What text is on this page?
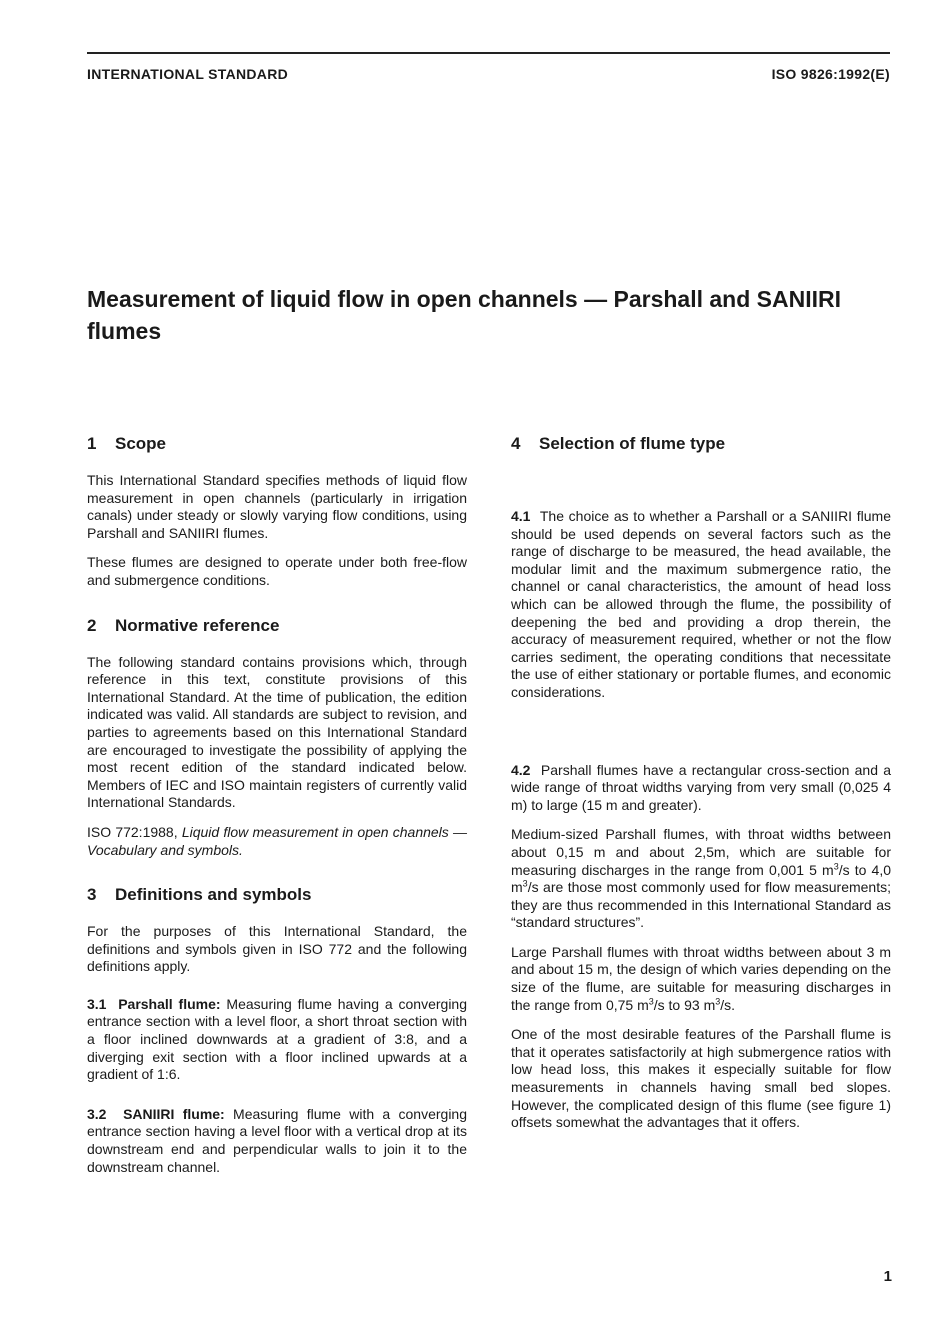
INTERNATIONAL STANDARD	ISO 9826:1992(E)
Measurement of liquid flow in open channels — Parshall and SANIIRI flumes
1 Scope

This International Standard specifies methods of liquid flow measurement in open channels (particularly in irrigation canals) under steady or slowly varying flow conditions, using Parshall and SANIIRI flumes.

These flumes are designed to operate under both free-flow and submergence conditions.

2 Normative reference

The following standard contains provisions which, through reference in this text, constitute provisions of this International Standard. At the time of publication, the edition indicated was valid. All standards are subject to revision, and parties to agreements based on this International Standard are encouraged to investigate the possibility of applying the most recent edition of the standard indicated below. Members of IEC and ISO maintain registers of currently valid International Standards.

ISO 772:1988, Liquid flow measurement in open channels — Vocabulary and symbols.

3 Definitions and symbols

For the purposes of this International Standard, the definitions and symbols given in ISO 772 and the following definitions apply.

3.1 Parshall flume: Measuring flume having a converging entrance section with a level floor, a short throat section with a floor inclined downwards at a gradient of 3:8, and a diverging exit section with a floor inclined upwards at a gradient of 1:6.

3.2 SANIIRI flume: Measuring flume with a converging entrance section having a level floor with a vertical drop at its downstream end and perpendicular walls to join it to the downstream channel.

4 Selection of flume type

4.1 The choice as to whether a Parshall or a SANIIRI flume should be used depends on several factors such as the range of discharge to be measured, the head available, the modular limit and the maximum submergence ratio, the channel or canal characteristics, the amount of head loss which can be allowed through the flume, the possibility of deepening the bed and providing a drop therein, the accuracy of measurement required, whether or not the flow carries sediment, the operating conditions that necessitate the use of either stationary or portable flumes, and economic considerations.

4.2 Parshall flumes have a rectangular cross-section and a wide range of throat widths varying from very small (0,025 4 m) to large (15 m and greater).

Medium-sized Parshall flumes, with throat widths between about 0,15 m and about 2,5m, which are suitable for measuring discharges in the range from 0,001 5 $m^3/s$ to 4,0 $m^3/s$ are those most commonly used for flow measurements; they are thus recommended in this International Standard as “standard structures”.

Large Parshall flumes with throat widths between about 3 m and about 15 m, the design of which varies depending on the size of the flume, are suitable for measuring discharges in the range from 0,75 $m^3/s$ to 93 $m^3/s$.

One of the most desirable features of the Parshall flume is that it operates satisfactorily at high submergence ratios with low head loss, this makes it especially suitable for flow measurements in channels having small bed slopes. However, the complicated design of this flume (see figure 1) offsets somewhat the advantages that it offers.

1
